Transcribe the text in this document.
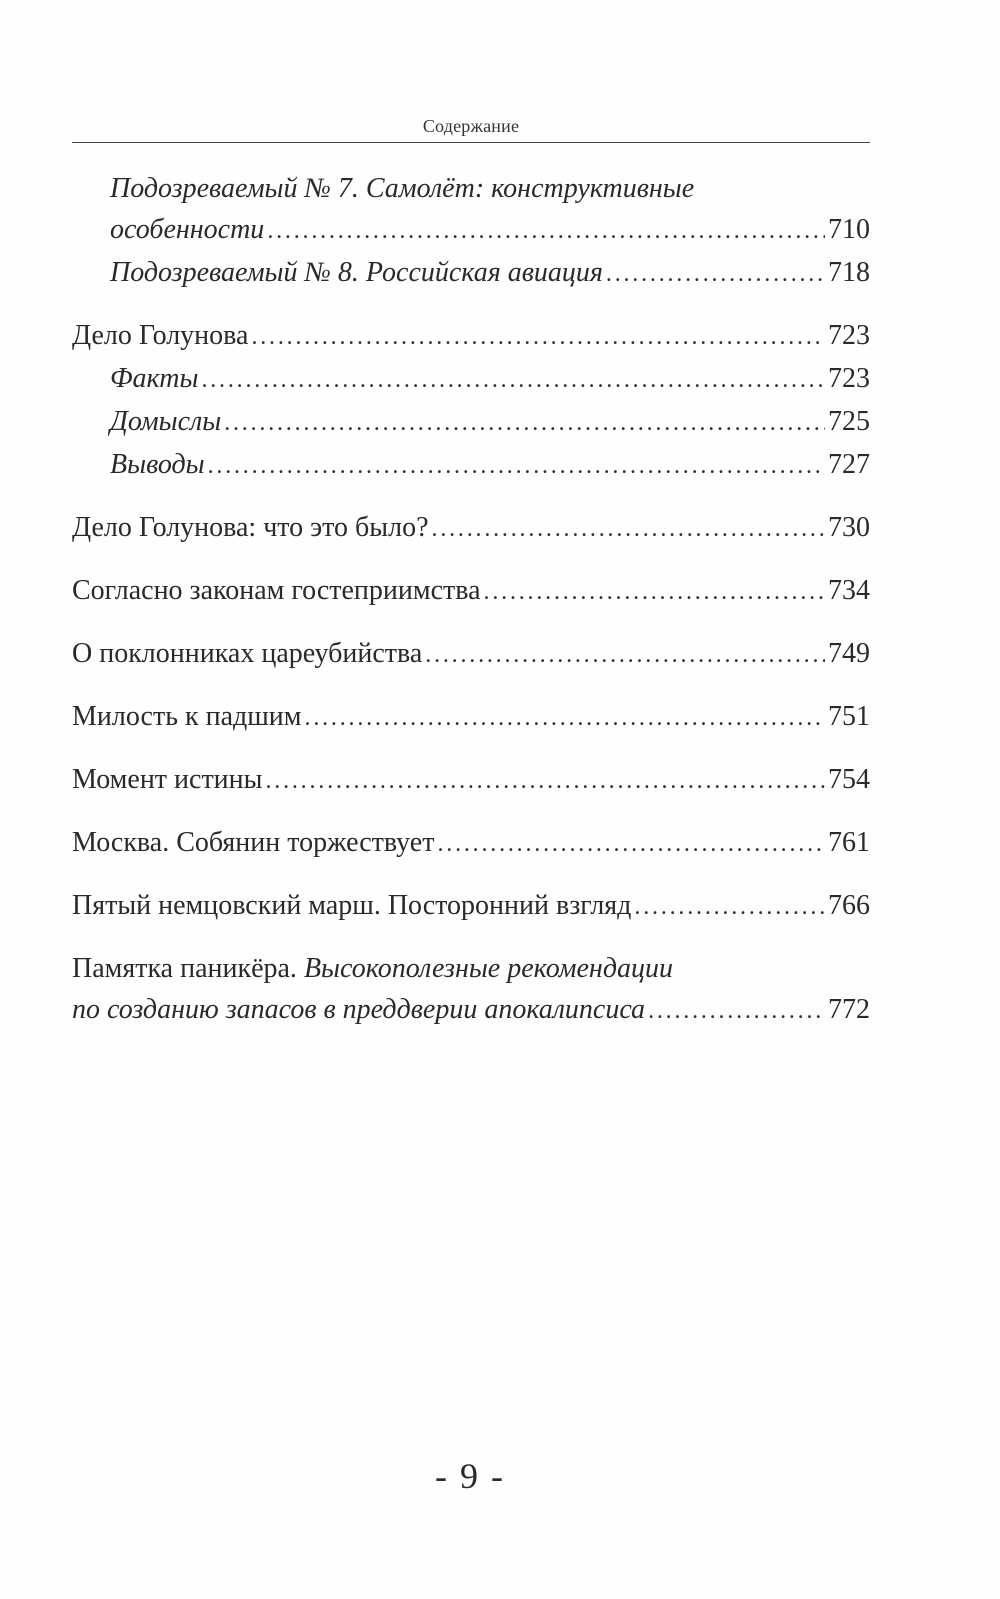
Содержание
Подозреваемый № 7. Самолёт: конструктивные
особенности . . .	710
Подозреваемый № 8. Российская авиация . . .	718
Дело Голунова . . .	723
Факты . . .	723
Домыслы . . .	725
Выводы . . .	727
Дело Голунова: что это было? . . .	730
Согласно законам гостеприимства . . .	734
О поклонниках цареубийства . . .	749
Милость к падшим . . .	751
Момент истины . . .	754
Москва. Собянин торжествует . . .	761
Пятый немцовский марш. Посторонний взгляд . . .	766
Памятка паникёра. Высокополезные рекомендации
по созданию запасов в преддверии апокалипсиса . . .	772
- 9 -
